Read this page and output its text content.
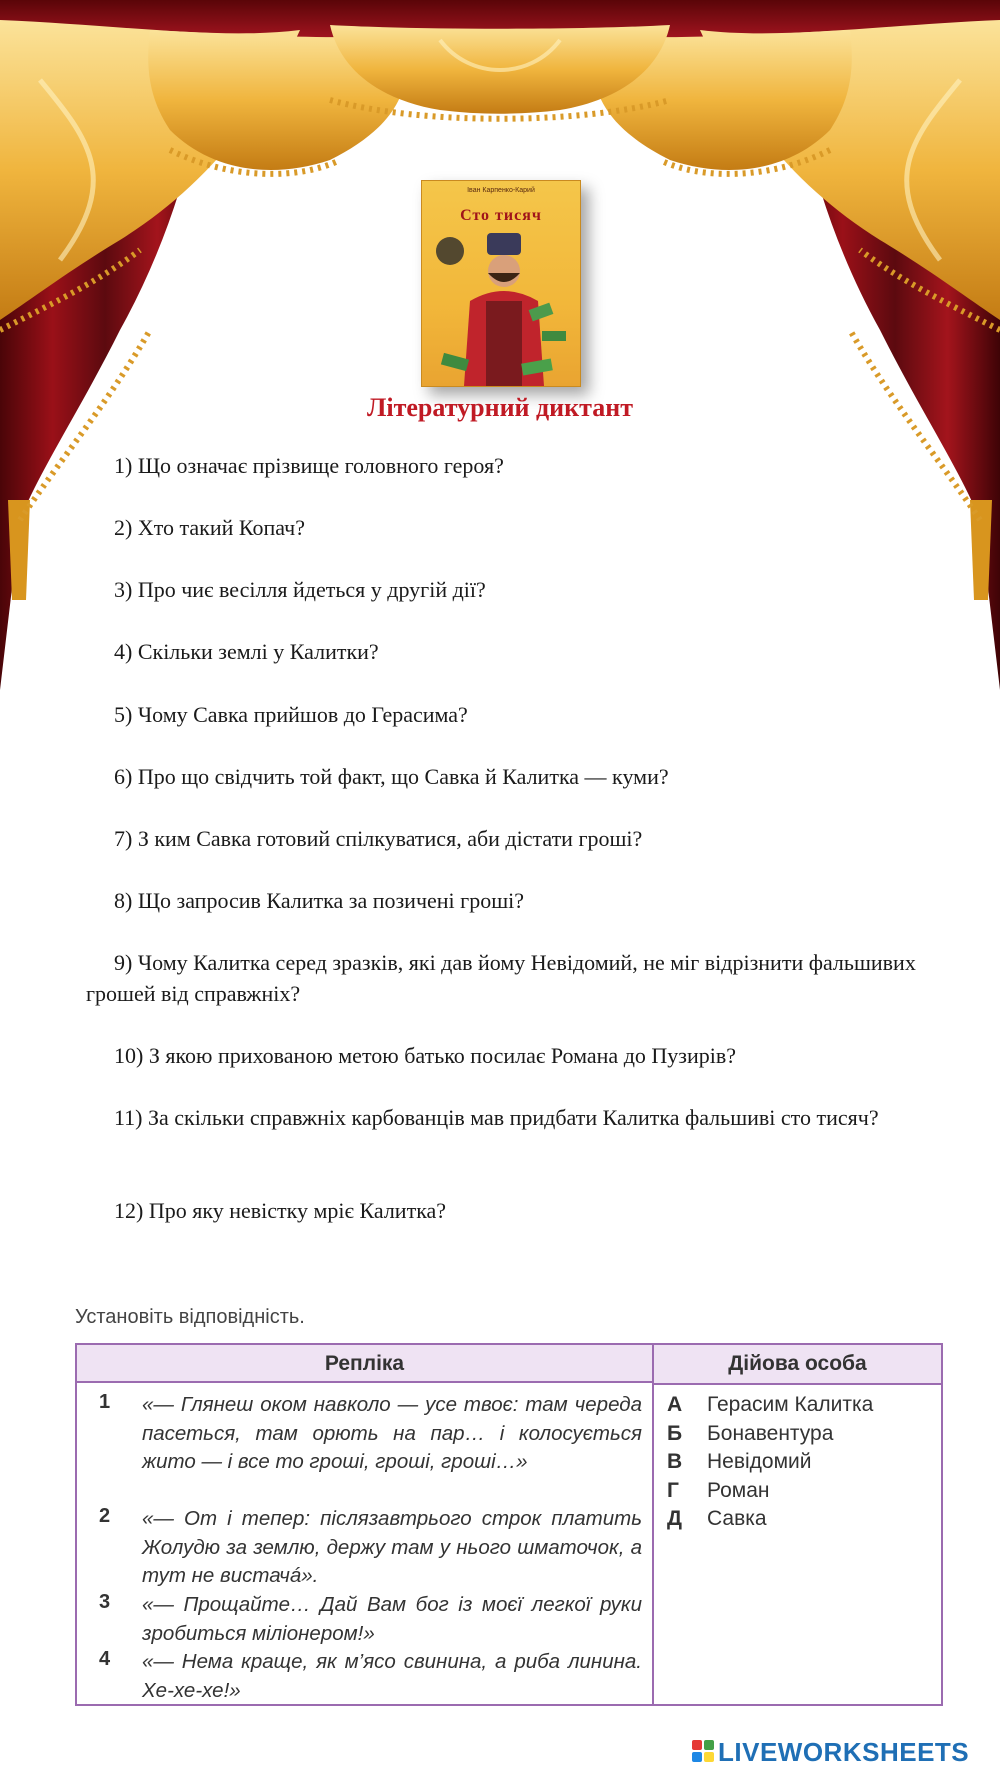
Іван Карпенко-Карий
Сто тисяч
Літературний диктант
1) Що означає прізвище головного героя?
2) Хто такий Копач?
3) Про чиє весілля йдеться у другій дії?
4) Скільки землі у Калитки?
5) Чому Савка прийшов до Герасима?
6) Про що свідчить той факт, що Савка й Калитка — куми?
7) З ким Савка готовий спілкуватися, аби дістати гроші?
8) Що запросив Калитка за позичені гроші?
9) Чому Калитка серед зразків, які дав йому Невідомий, не міг відрізнити фальшивих грошей від справжніх?
10) З якою прихованою метою батько посилає Романа до Пузирів?
11) За скільки справжніх карбованців мав придбати Калитка фальшиві сто тисяч?
12) Про яку невістку мріє Калитка?
Установіть відповідність.
Репліка	Дійова особа
1 «— Глянеш оком навколо — усе твоє: там череда пасеться, там орють на пар… і колосується жито — і все то гроші, гроші, гроші…»
2 «— От і тепер: післязавтрього строк платить Жолудю за землю, держу там у нього шматочок, а тут не вистачá».
3 «— Прощайте… Дай Вам бог із моєї легкої руки зробиться міліонером!»
4 «— Нема краще, як м’ясо свинина, а риба линина. Хе-хе-хе!»
А Герасим Калитка
Б Бонавентура
В Невідомий
Г Роман
Д Савка
LIVEWORKSHEETS
